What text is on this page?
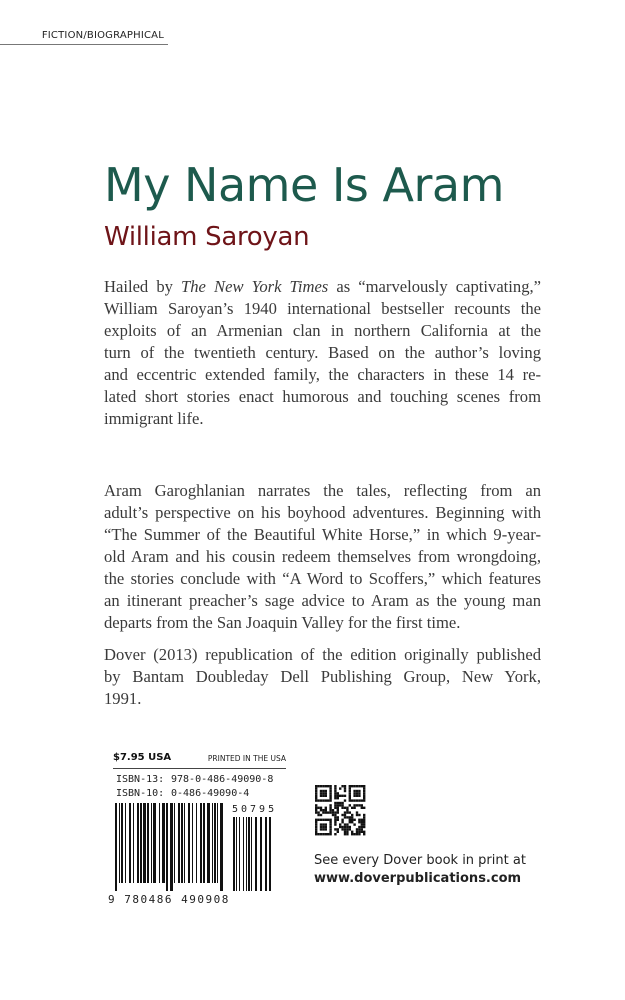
FICTION/BIOGRAPHICAL
My Name Is Aram
William Saroyan
Hailed by The New York Times as “marvelously captivating,”
William Saroyan’s 1940 international bestseller recounts the
exploits of an Armenian clan in northern California at the
turn of the twentieth century. Based on the author’s loving
and eccentric extended family, the characters in these 14 re-
lated short stories enact humorous and touching scenes from
immigrant life.
Aram Garoghlanian narrates the tales, reflecting from an
adult’s perspective on his boyhood adventures. Beginning with
“The Summer of the Beautiful White Horse,” in which 9-year-
old Aram and his cousin redeem themselves from wrongdoing,
the stories conclude with “A Word to Scoffers,” which features
an itinerant preacher’s sage advice to Aram as the young man
departs from the San Joaquin Valley for the first time.
Dover (2013) republication of the edition originally published
by Bantam Doubleday Dell Publishing Group, New York,
1991.
$7.95 USA	PRINTED IN THE USA
ISBN-13: 978-0-486-49090-8
ISBN-10: 0-486-49090-4
50795
9 780486 490908
See every Dover book in print at
www.doverpublications.com
